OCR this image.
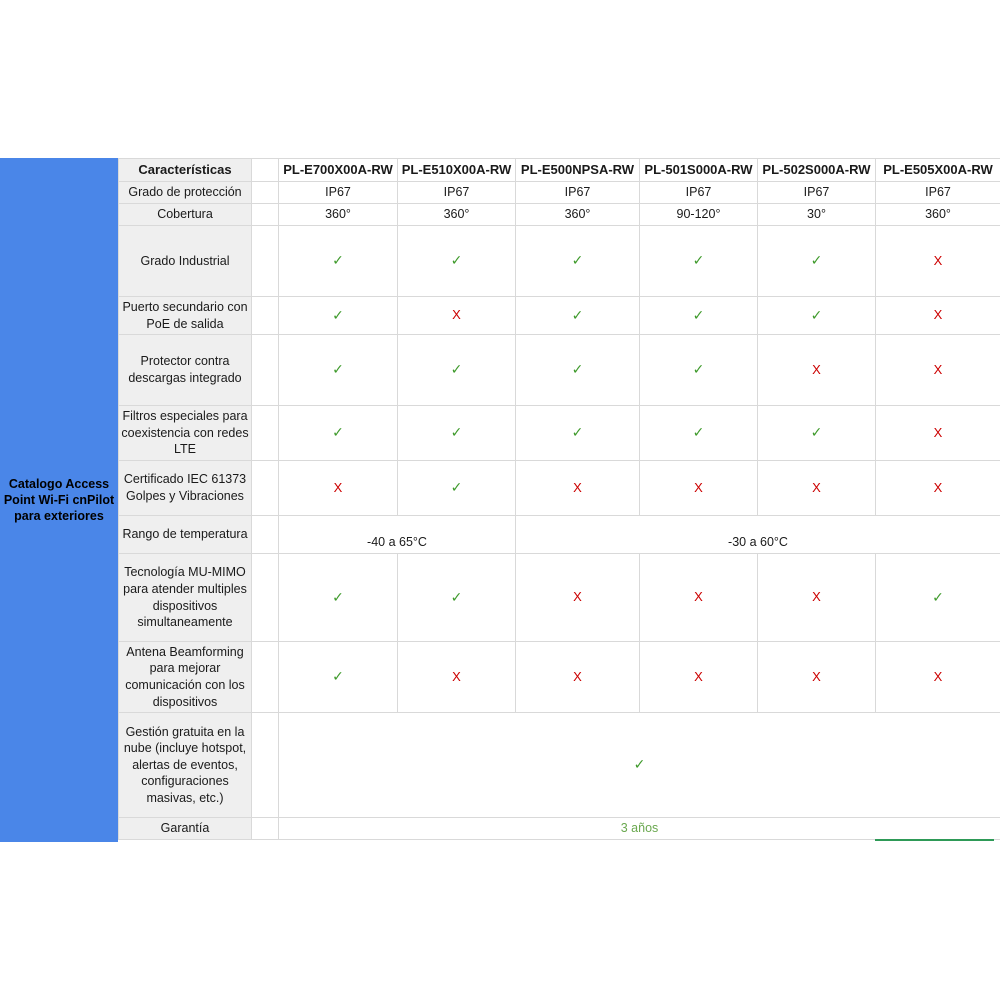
Catalogo Access Point Wi-Fi cnPilot para exteriores
Características		PL-E700X00A-RW	PL-E510X00A-RW	PL-E500NPSA-RW	PL-501S000A-RW	PL-502S000A-RW	PL-E505X00A-RW
Grado de protección		IP67	IP67	IP67	IP67	IP67	IP67
Cobertura		360°	360°	360°	90-120°	30°	360°
Grado Industrial		✓	✓	✓	✓	✓	X
Puerto secundario con PoE de salida		✓	X	✓	✓	✓	X
Protector contra descargas integrado		✓	✓	✓	✓	X	X
Filtros especiales para coexistencia con redes LTE		✓	✓	✓	✓	✓	X
Certificado IEC 61373 Golpes y Vibraciones		X	✓	X	X	X	X
Rango de temperatura		-40 a 65°C		-30 a 60°C			
Tecnología MU-MIMO para atender multiples dispositivos simultaneamente		✓	✓	X	X	X	✓
Antena Beamforming para mejorar comunicación con los dispositivos		✓	X	X	X	X	X
Gestión gratuita en la nube (incluye hotspot, alertas de eventos, configuraciones masivas, etc.)		✓					
Garantía		3 años					
